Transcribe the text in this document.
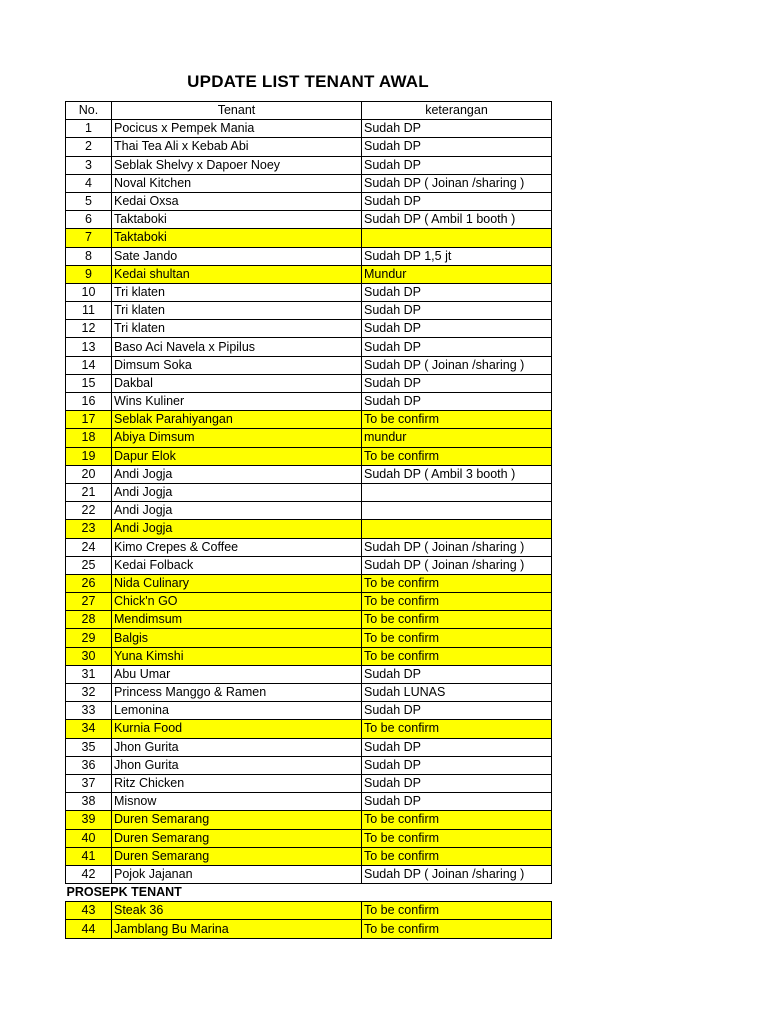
UPDATE LIST TENANT AWAL
No.	Tenant	keterangan
1	Pocicus x Pempek Mania	Sudah DP
2	Thai Tea Ali x Kebab Abi	Sudah DP
3	Seblak Shelvy x Dapoer Noey	Sudah DP
4	Noval Kitchen	Sudah DP ( Joinan /sharing )
5	Kedai Oxsa	Sudah DP
6	Taktaboki	Sudah DP ( Ambil 1 booth )
7	Taktaboki	
8	Sate Jando	Sudah DP 1,5 jt
9	Kedai shultan	Mundur
10	Tri klaten	Sudah DP
11	Tri klaten	Sudah DP
12	Tri klaten	Sudah DP
13	Baso Aci Navela x Pipilus	Sudah DP
14	Dimsum Soka	Sudah DP ( Joinan /sharing )
15	Dakbal	Sudah DP
16	Wins Kuliner	Sudah DP
17	Seblak Parahiyangan	To be confirm
18	Abiya Dimsum	mundur
19	Dapur Elok	To be confirm
20	Andi Jogja	Sudah DP ( Ambil 3 booth )
21	Andi Jogja	
22	Andi Jogja	
23	Andi Jogja	
24	Kimo Crepes & Coffee	Sudah DP ( Joinan /sharing )
25	Kedai Folback	Sudah DP ( Joinan /sharing )
26	Nida Culinary	To be confirm
27	Chick'n GO	To be confirm
28	Mendimsum	To be confirm
29	Balgis	To be confirm
30	Yuna Kimshi	To be confirm
31	Abu Umar	Sudah DP
32	Princess Manggo & Ramen	Sudah LUNAS
33	Lemonina	Sudah DP
34	Kurnia Food	To be confirm
35	Jhon Gurita	Sudah DP
36	Jhon Gurita	Sudah DP
37	Ritz Chicken	Sudah DP
38	Misnow	Sudah DP
39	Duren Semarang	To be confirm
40	Duren Semarang	To be confirm
41	Duren Semarang	To be confirm
42	Pojok Jajanan	Sudah DP ( Joinan /sharing )
PROSEPK TENANT		
43	Steak 36	To be confirm
44	Jamblang Bu Marina	To be confirm
